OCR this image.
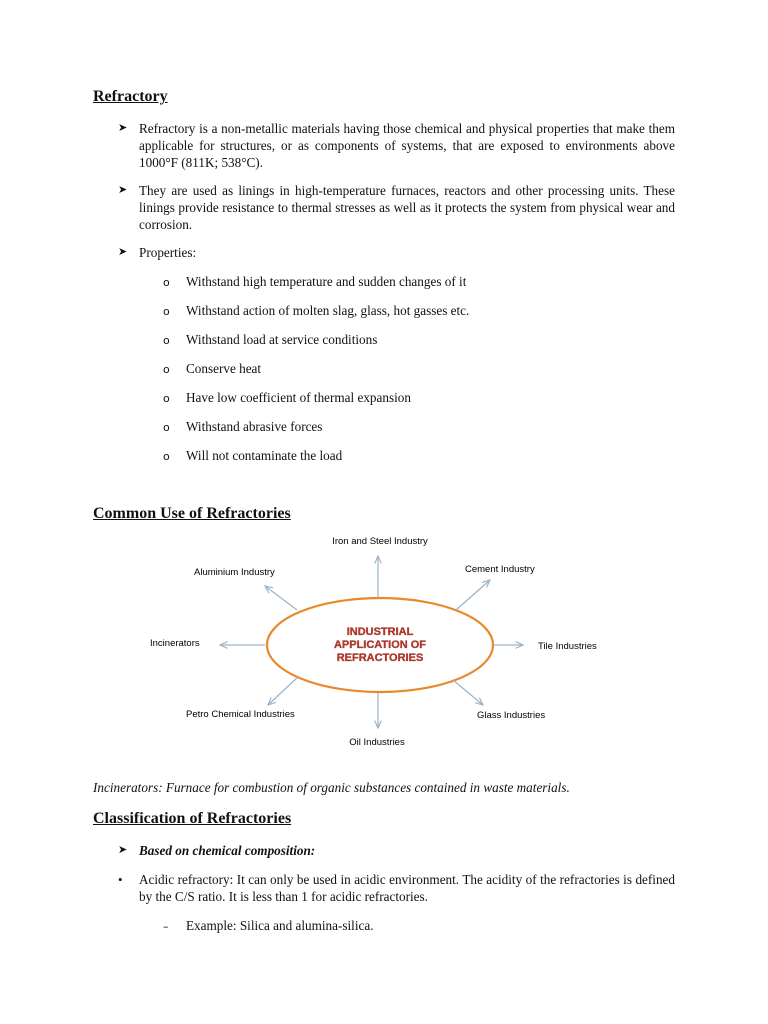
Refractory
➤ Refractory is a non-metallic materials having those chemical and physical properties that make them applicable for structures, or as components of systems, that are exposed to environments above 1000°F (811K; 538°C).
➤ They are used as linings in high-temperature furnaces, reactors and other processing units. These linings provide resistance to thermal stresses as well as it protects the system from physical wear and corrosion.
➤ Properties:
o Withstand high temperature and sudden changes of it
o Withstand action of molten slag, glass, hot gasses etc.
o Withstand load at service conditions
o Conserve heat
o Have low coefficient of thermal expansion
o Withstand abrasive forces
o Will not contaminate the load
Common Use of Refractories
INDUSTRIAL
APPLICATION OF
REFRACTORIES
Iron and Steel Industry
Cement Industry
Tile Industries
Glass Industries
Oil Industries
Petro Chemical Industries
Incinerators
Aluminium Industry
Incinerators: Furnace for combustion of organic substances contained in waste materials.
Classification of Refractories
➤ Based on chemical composition:
• Acidic refractory: It can only be used in acidic environment. The acidity of the refractories is defined by the C/S ratio. It is less than 1 for acidic refractories.
– Example: Silica and alumina-silica.
